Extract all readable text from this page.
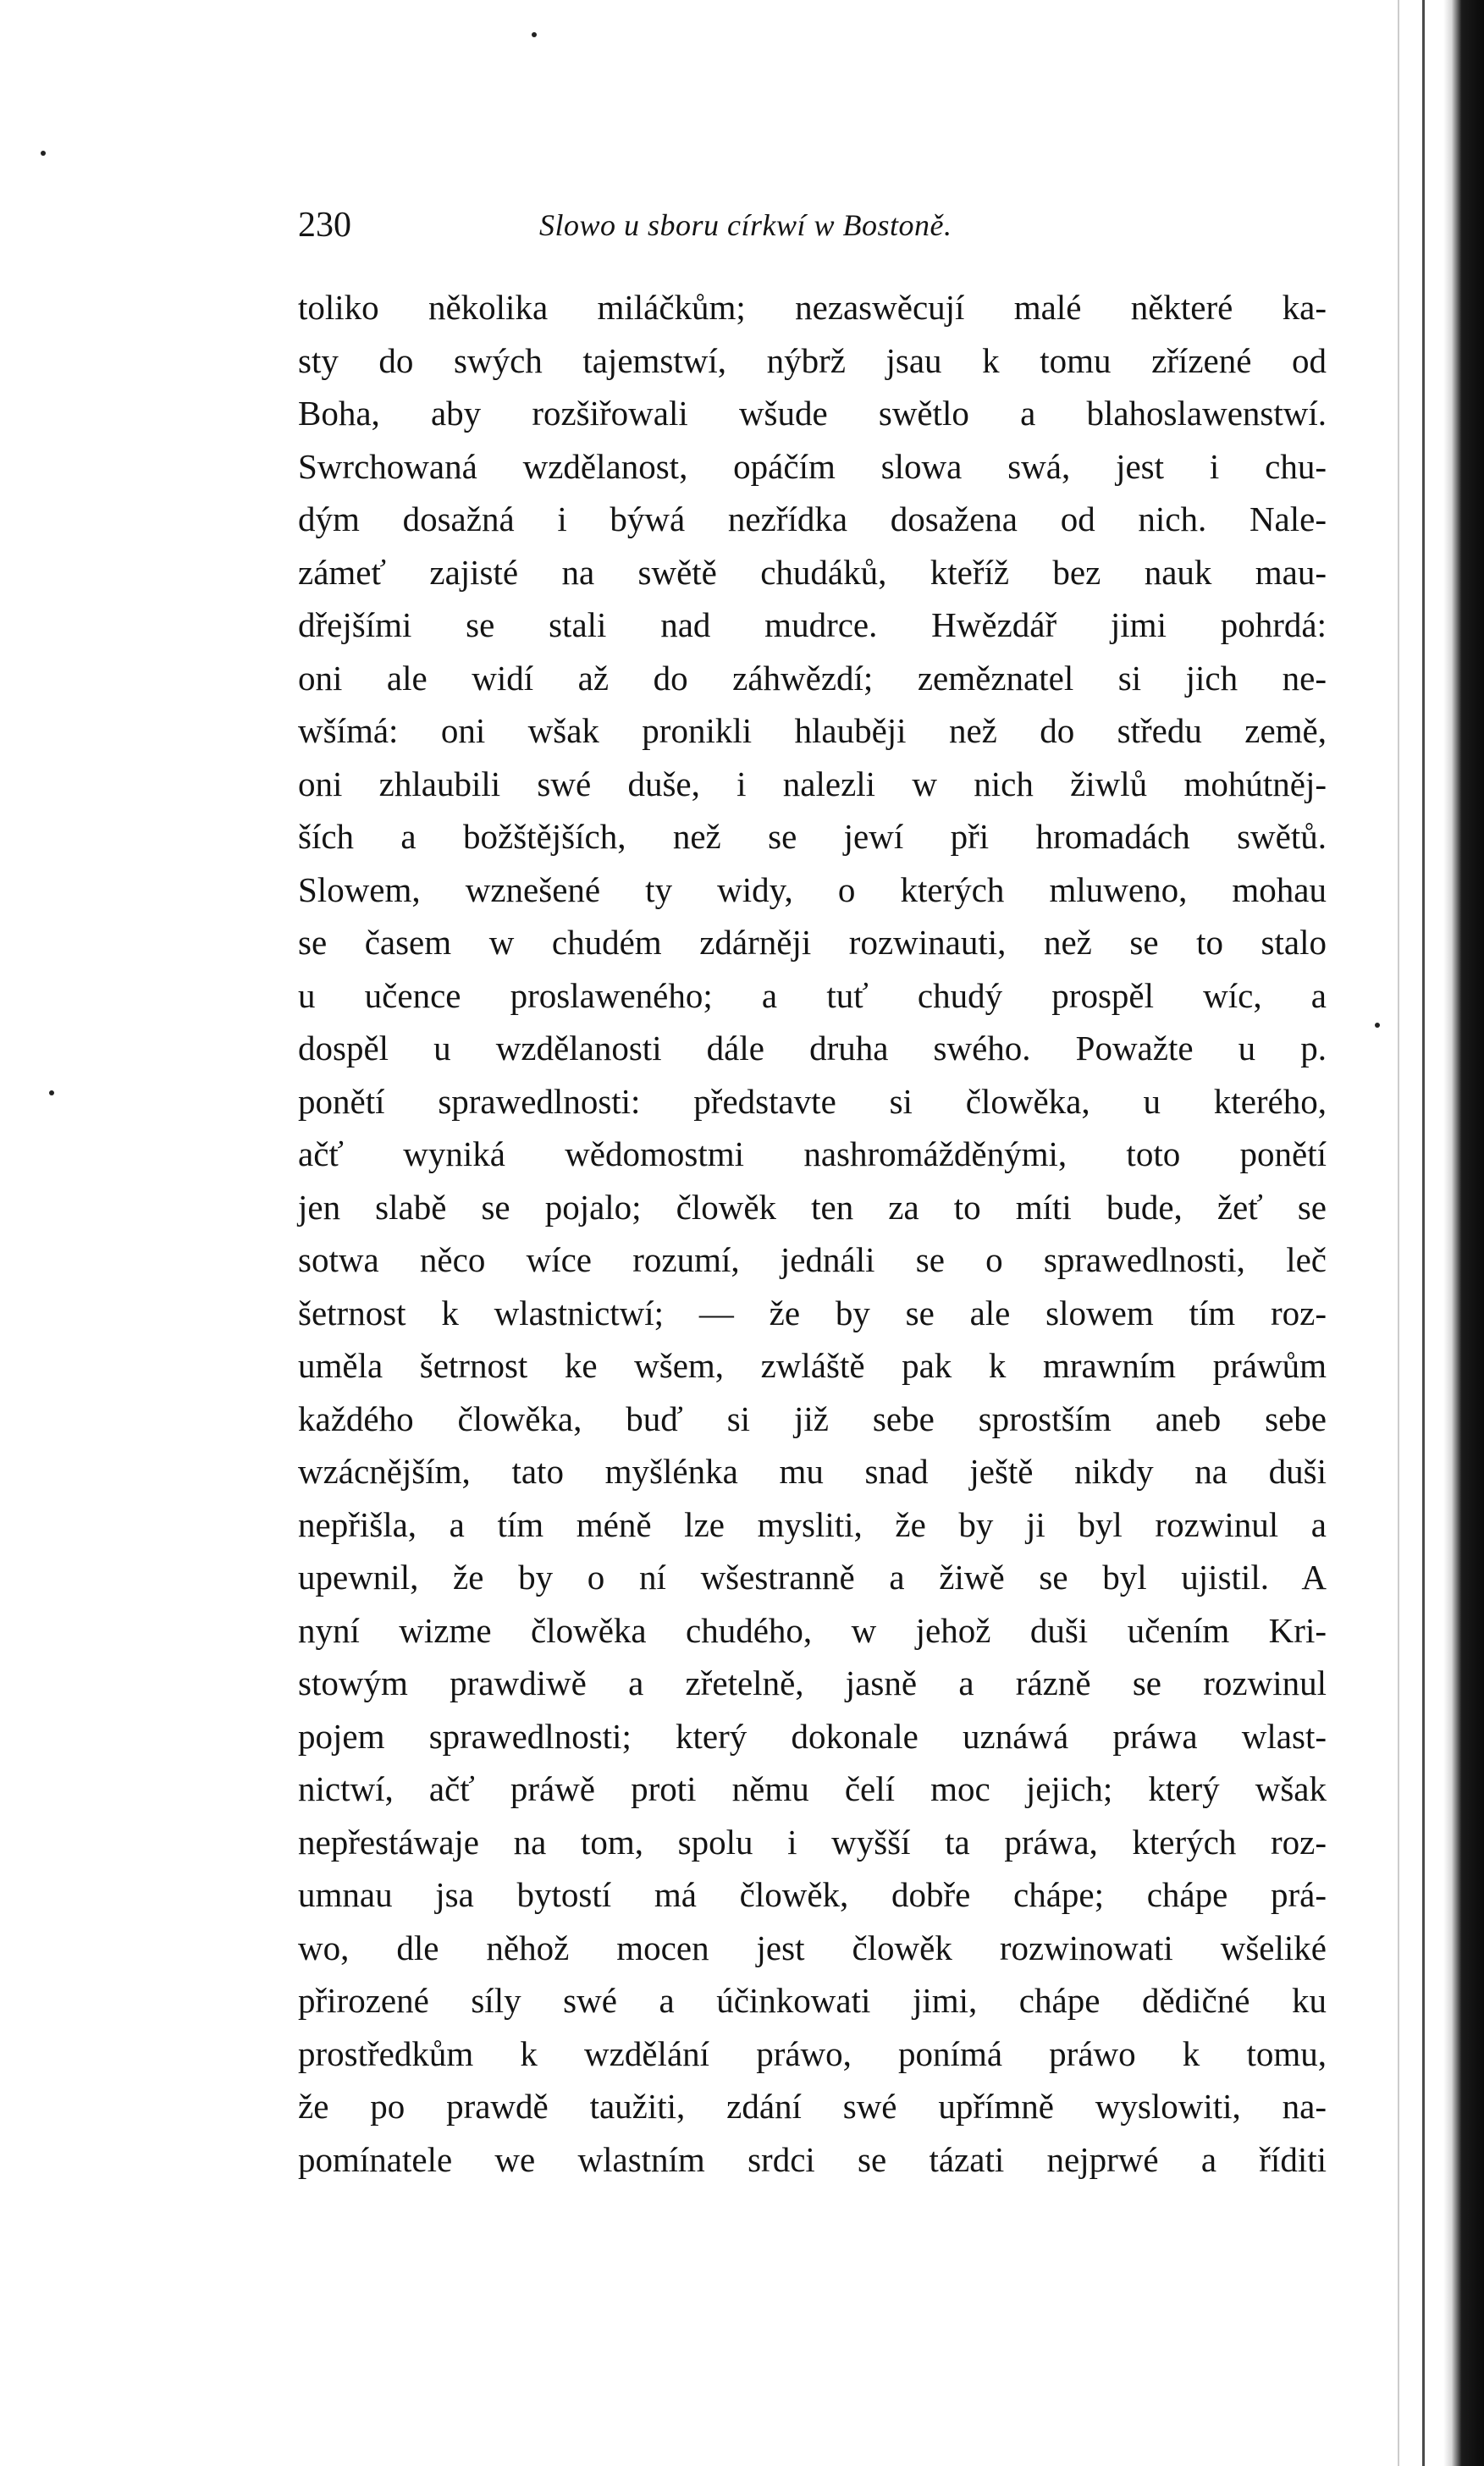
230	Slowo u sboru církwí w Bostoně.
toliko několika miláčkům; nezaswěcují malé některé ka-
sty do swých tajemstwí, nýbrž jsau k tomu zřízené od
Boha, aby rozšiřowali wšude swětlo a blahoslawenstwí.
Swrchowaná wzdělanost, opáčím slowa swá, jest i chu-
dým dosažná i býwá nezřídka dosažena od nich. Nale-
zámeť zajisté na swětě chudáků, kteříž bez nauk mau-
dřejšími se stali nad mudrce. Hwězdář jimi pohrdá:
oni ale widí až do záhwězdí; zeměznatel si jich ne-
wšímá: oni wšak pronikli hlauběji než do středu země,
oni zhlaubili swé duše, i nalezli w nich žiwlů mohútněj-
ších a božštějších, než se jewí při hromadách swětů.
Slowem, wznešené ty widy, o kterých mluweno, mohau
se časem w chudém zdárněji rozwinauti, než se to stalo
u učence proslaweného; a tuť chudý prospěl wíc, a
dospěl u wzdělanosti dále druha swého. Powažte u p.
ponětí sprawedlnosti: představte si člowěka, u kterého,
ačť wyniká wědomostmi nashromážděnými, toto ponětí
jen slabě se pojalo; člowěk ten za to míti bude, žeť se
sotwa něco wíce rozumí, jednáli se o sprawedlnosti, leč
šetrnost k wlastnictwí; — že by se ale slowem tím roz-
uměla šetrnost ke wšem, zwláště pak k mrawním práwům
každého člowěka, buď si již sebe sprostším aneb sebe
wzácnějším, tato myšlénka mu snad ještě nikdy na duši
nepřišla, a tím méně lze mysliti, že by ji byl rozwinul a
upewnil, že by o ní wšestranně a žiwě se byl ujistil. A
nyní wizme člowěka chudého, w jehož duši učením Kri-
stowým prawdiwě a zřetelně, jasně a rázně se rozwinul
pojem sprawedlnosti; který dokonale uznáwá práwa wlast-
nictwí, ačť práwě proti němu čelí moc jejich; který wšak
nepřestáwaje na tom, spolu i wyšší ta práwa, kterých roz-
umnau jsa bytostí má člowěk, dobře chápe; chápe prá-
wo, dle něhož mocen jest člowěk rozwinowati wšeliké
přirozené síly swé a účinkowati jimi, chápe dědičné ku
prostředkům k wzdělání práwo, ponímá práwo k tomu,
že po prawdě taužiti, zdání swé upřímně wyslowiti, na-
pomínatele we wlastním srdci se tázati nejprwé a říditi
